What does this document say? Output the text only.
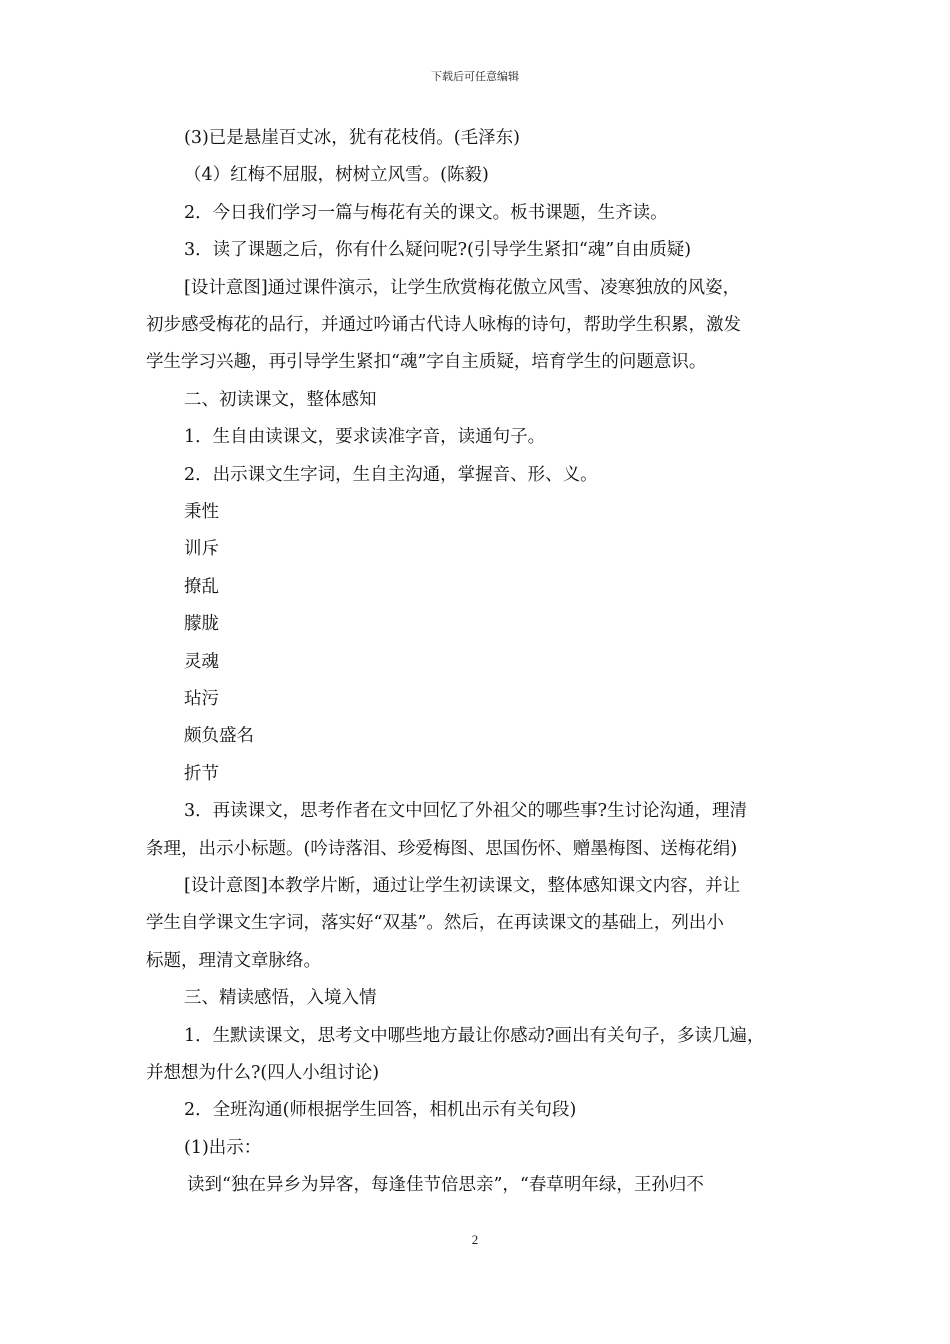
下载后可任意编辑
(3)已是悬崖百丈冰，犹有花枝俏。(毛泽东)
（4）红梅不屈服，树树立风雪。(陈毅)
2．今日我们学习一篇与梅花有关的课文。板书课题，生齐读。
3．读了课题之后，你有什么疑问呢?(引导学生紧扣“魂”自由质疑)
[设计意图]通过课件演示，让学生欣赏梅花傲立风雪、凌寒独放的风姿，
初步感受梅花的品行，并通过吟诵古代诗人咏梅的诗句，帮助学生积累，激发
学生学习兴趣，再引导学生紧扣“魂”字自主质疑，培育学生的问题意识。
二、初读课文，整体感知
1．生自由读课文，要求读准字音，读通句子。
2．出示课文生字词，生自主沟通，掌握音、形、义。
秉性
训斥
撩乱
朦胧
灵魂
玷污
颇负盛名
折节
3．再读课文，思考作者在文中回忆了外祖父的哪些事?生讨论沟通，理清
条理，出示小标题。(吟诗落泪、珍爱梅图、思国伤怀、赠墨梅图、送梅花绢)
[设计意图]本教学片断，通过让学生初读课文，整体感知课文内容，并让
学生自学课文生字词，落实好“双基”。然后，在再读课文的基础上，列出小
标题，理清文章脉络。
三、精读感悟，入境入情
1．生默读课文，思考文中哪些地方最让你感动?画出有关句子，多读几遍，
并想想为什么?(四人小组讨论)
2．全班沟通(师根据学生回答，相机出示有关句段)
(1)出示：
读到“独在异乡为异客，每逢佳节倍思亲”，“春草明年绿，王孙归不
2
